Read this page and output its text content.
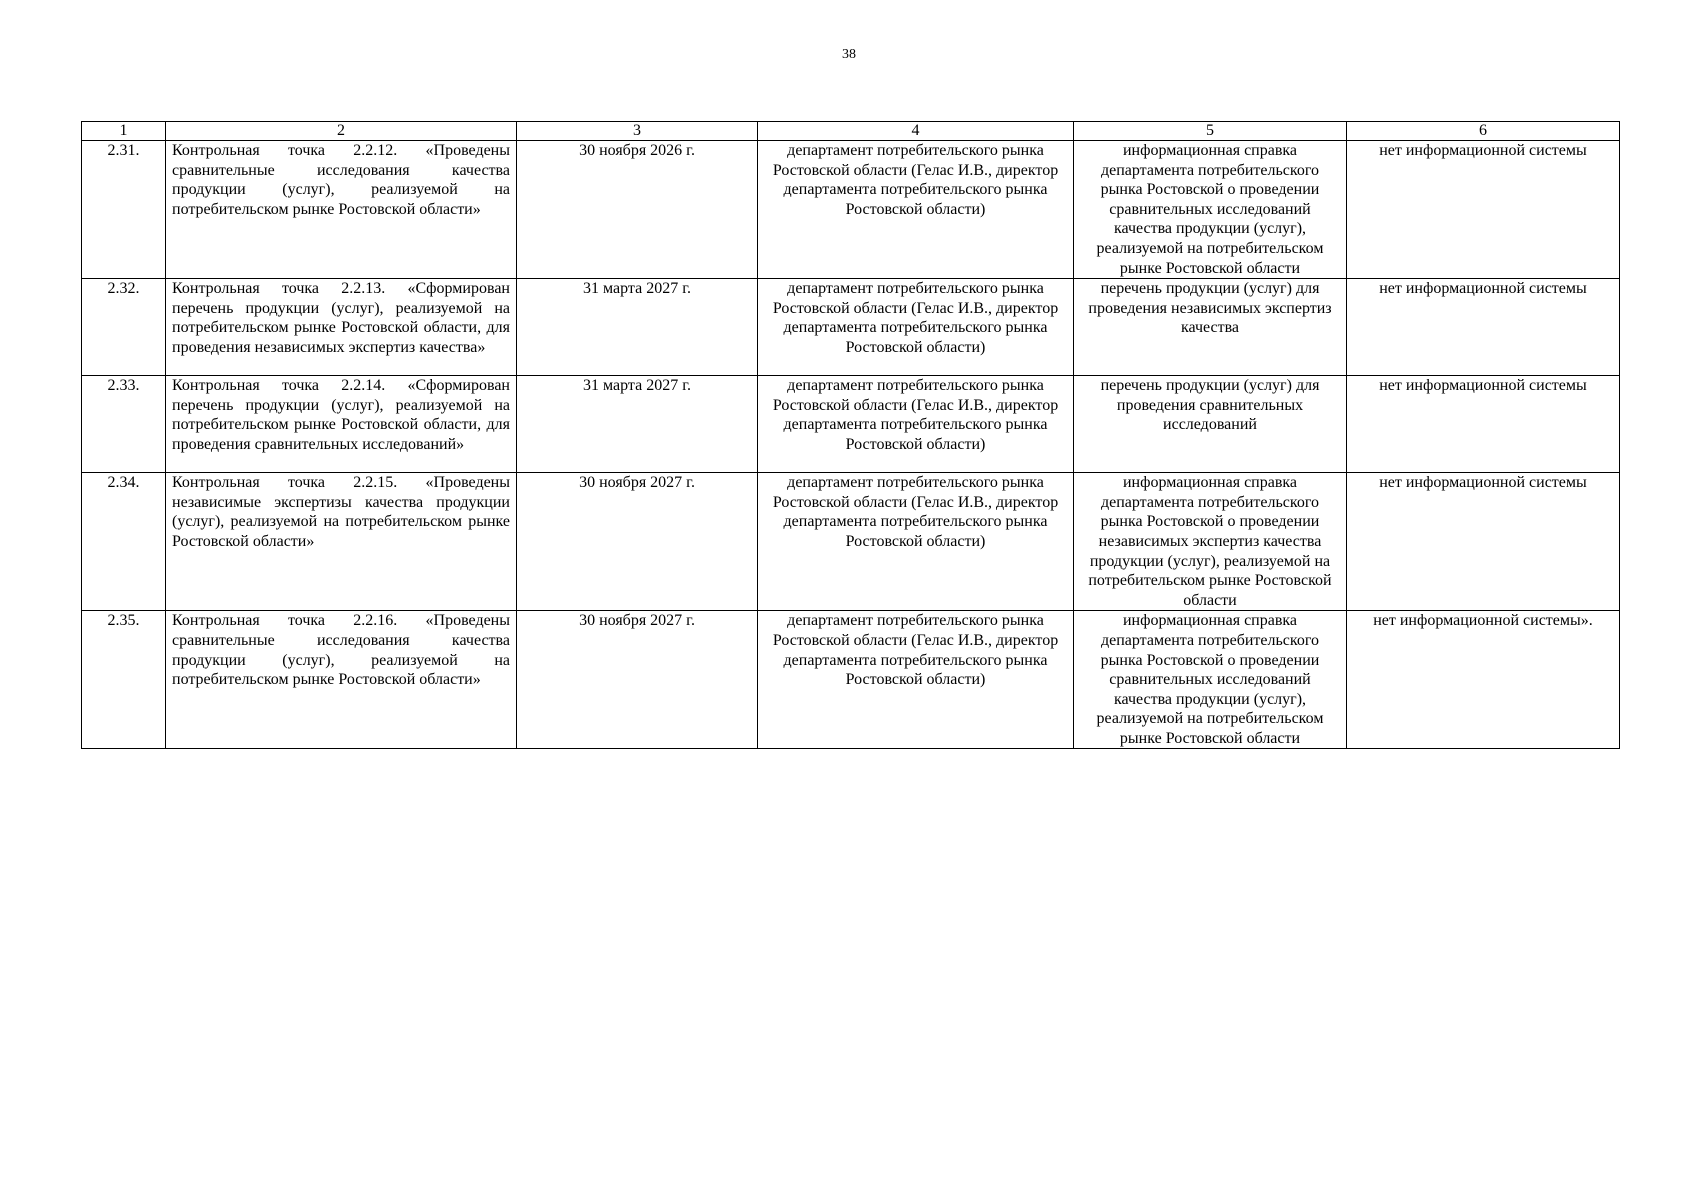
38
1	2	3	4	5	6
2.31.	Контрольная точка 2.2.12. «Проведены сравнительные исследования качества продукции (услуг), реализуемой на потребительском рынке Ростовской области»	30 ноября 2026 г.	департамент потребительского рынка Ростовской области (Гелас И.В., директор департамента потребительского рынка Ростовской области)	информационная справка департамента потребительского рынка Ростовской о проведении сравнительных исследований качества продукции (услуг), реализуемой на потребительском рынке Ростовской области	нет информационной системы
2.32.	Контрольная точка 2.2.13. «Сформирован перечень продукции (услуг), реализуемой на потребительском рынке Ростовской области, для проведения независимых экспертиз качества»	31 марта 2027 г.	департамент потребительского рынка Ростовской области (Гелас И.В., директор департамента потребительского рынка Ростовской области)	перечень продукции (услуг) для проведения независимых экспертиз качества	нет информационной системы
2.33.	Контрольная точка 2.2.14. «Сформирован перечень продукции (услуг), реализуемой на потребительском рынке Ростовской области, для проведения сравнительных исследований»	31 марта 2027 г.	департамент потребительского рынка Ростовской области (Гелас И.В., директор департамента потребительского рынка Ростовской области)	перечень продукции (услуг) для проведения сравнительных исследований	нет информационной системы
2.34.	Контрольная точка 2.2.15. «Проведены независимые экспертизы качества продукции (услуг), реализуемой на потребительском рынке Ростовской области»	30 ноября 2027 г.	департамент потребительского рынка Ростовской области (Гелас И.В., директор департамента потребительского рынка Ростовской области)	информационная справка департамента потребительского рынка Ростовской о проведении независимых экспертиз качества продукции (услуг), реализуемой на потребительском рынке Ростовской области	нет информационной системы
2.35.	Контрольная точка 2.2.16. «Проведены сравнительные исследования качества продукции (услуг), реализуемой на потребительском рынке Ростовской области»	30 ноября 2027 г.	департамент потребительского рынка Ростовской области (Гелас И.В., директор департамента потребительского рынка Ростовской области)	информационная справка департамента потребительского рынка Ростовской о проведении сравнительных исследований качества продукции (услуг), реализуемой на потребительском рынке Ростовской области	нет информационной системы».
